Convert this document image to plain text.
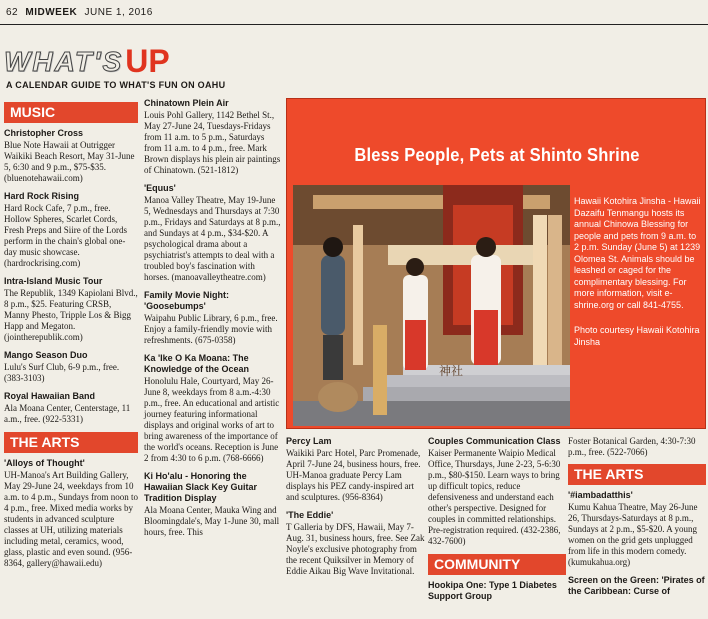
62 MIDWEEK JUNE 1, 2016
WHAT'S UP
A CALENDAR GUIDE TO WHAT'S FUN ON OAHU
MUSIC
Christopher Cross
Blue Note Hawaii at Outrigger Waikiki Beach Resort, May 31-June 5, 6:30 and 9 p.m., $75-$35. (bluenotehawaii.com)
Hard Rock Rising
Hard Rock Cafe, 7 p.m., free. Hollow Spheres, Scarlet Cords, Fresh Preps and Siire of the Lords perform in the chain's global one-day music showcase. (hardrockrising.com)
Intra-Island Music Tour
The Republik, 1349 Kapiolani Blvd., 8 p.m., $25. Featuring CRSB, Manny Phesto, Tripple Los & Bigg Happ and Megaton. (jointherepublik.com)
Mango Season Duo
Lulu's Surf Club, 6-9 p.m., free. (383-3103)
Royal Hawaiian Band
Ala Moana Center, Centerstage, 11 a.m., free. (922-5331)
THE ARTS
'Alloys of Thought'
UH-Manoa's Art Building Gallery, May 29-June 24, weekdays from 10 a.m. to 4 p.m., Sundays from noon to 4 p.m., free. Mixed media works by students in advanced sculpture classes at UH, utilizing materials including metal, ceramics, wood, glass, plastic and even sound. (956-8364, gallery@hawaii.edu)
Chinatown Plein Air
Louis Pohl Gallery, 1142 Bethel St., May 27-June 24, Tuesdays-Fridays from 11 a.m. to 5 p.m., Saturdays from 11 a.m. to 4 p.m., free. Mark Brown displays his plein air paintings of Chinatown. (521-1812)
'Equus'
Manoa Valley Theatre, May 19-June 5, Wednesdays and Thursdays at 7:30 p.m., Fridays and Saturdays at 8 p.m., and Sundays at 4 p.m., $34-$20. A psychological drama about a psychiatrist's attempts to deal with a troubled boy's fascination with horses. (manoavalleytheatre.com)
Family Movie Night: 'Goosebumps'
Waipahu Public Library, 6 p.m., free. Enjoy a family-friendly movie with refreshments. (675-0358)
Ka 'Ike O Ka Moana: The Knowledge of the Ocean
Honolulu Hale, Courtyard, May 26-June 8, weekdays from 8 a.m.-4:30 p.m., free. An educational and artistic journey featuring informational displays and original works of art to bring awareness of the importance of the world's oceans. Reception is June 2 from 4:30 to 6 p.m. (768-6666)
Ki Ho'alu - Honoring the Hawaiian Slack Key Guitar Tradition Display
Ala Moana Center, Mauka Wing and Bloomingdale's, May 1-June 30, mall hours, free. This
Bless People, Pets at Shinto Shrine
神社
Hawaii Kotohira Jinsha - Hawaii Dazaifu Tenmangu hosts its annual Chinowa Blessing for people and pets from 9 a.m. to 2 p.m. Sunday (June 5) at 1239 Olomea St. Animals should be leashed or caged for the complimentary blessing. For more information, visit e-shrine.org or call 841-4755.
Photo courtesy Hawaii Kotohira Jinsha
Percy Lam
Waikiki Parc Hotel, Parc Promenade, April 7-June 24, business hours, free. UH-Manoa graduate Percy Lam displays his PEZ candy-inspired art and sculptures. (956-8364)
'The Eddie'
T Galleria by DFS, Hawaii, May 7-Aug. 31, business hours, free. See Zak Noyle's exclusive photography from the recent Quiksilver in Memory of Eddie Aikau Big Wave Invitational.
Couples Communication Class
Kaiser Permanente Waipio Medical Office, Thursdays, June 2-23, 5-6:30 p.m., $80-$150. Learn ways to bring up difficult topics, reduce defensiveness and understand each other's perspective. Designed for couples in committed relationships. Pre-registration required. (432-2386, 432-7600)
COMMUNITY
Hookipa One: Type 1 Diabetes Support Group
Foster Botanical Garden, 4:30-7:30 p.m., free. (522-7066)
THE ARTS
'#iambadatthis'
Kumu Kahua Theatre, May 26-June 26, Thursdays-Saturdays at 8 p.m., Sundays at 2 p.m., $5-$20. A young women on the grid gets unplugged from life in this modern comedy. (kumukahua.org)
Screen on the Green: 'Pirates of the Caribbean: Curse of
